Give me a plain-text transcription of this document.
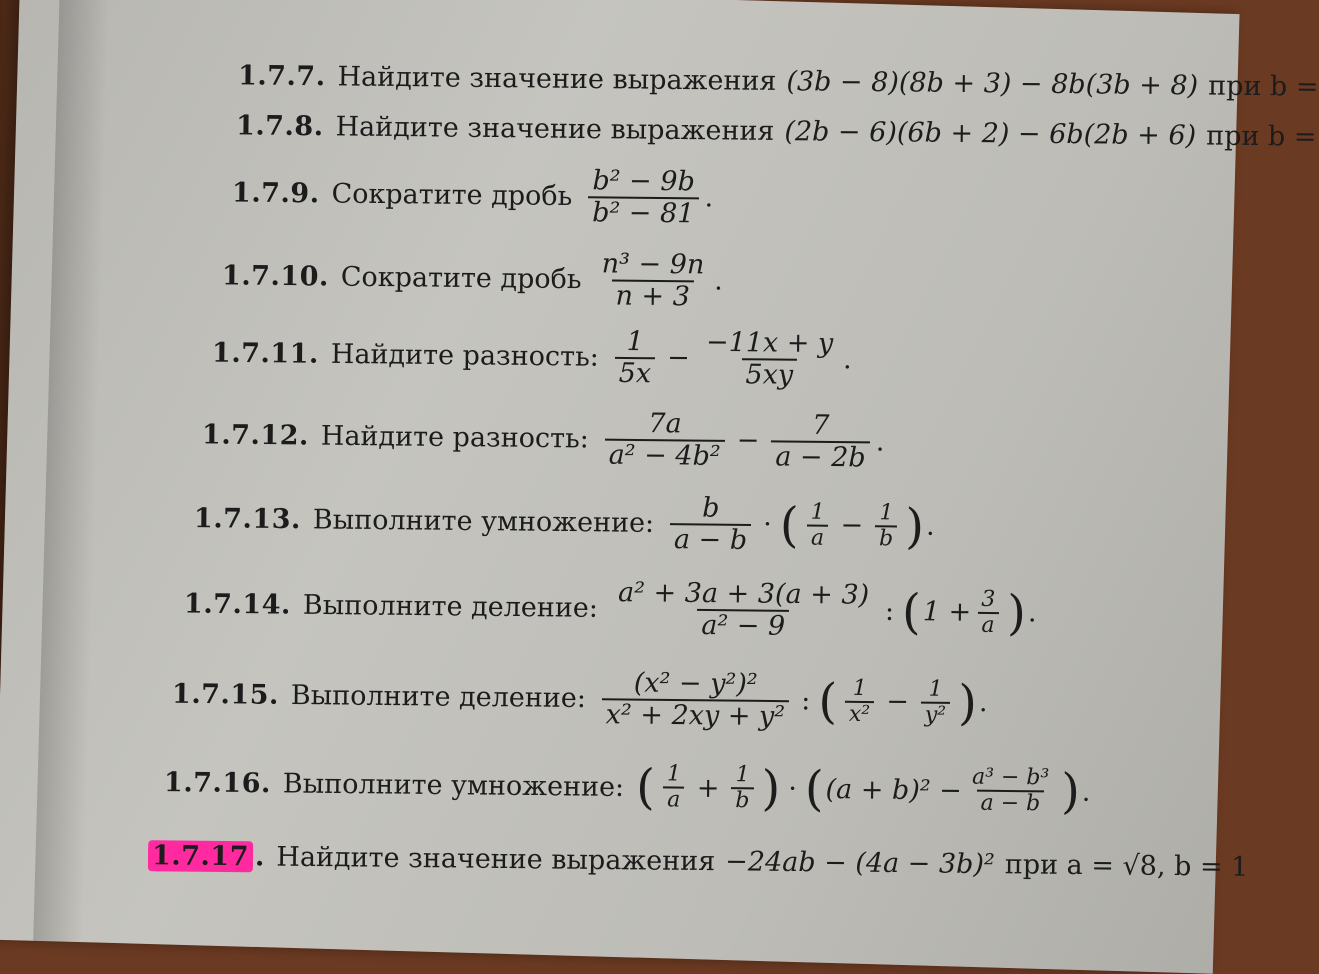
1.7.7. Найдите значение выражения (3b − 8)(8b + 3) − 8b(3b + 8) при b =
1.7.8. Найдите значение выражения (2b − 6)(6b + 2) − 6b(2b + 6) при b =
1.7.9. Сократите дробь $\frac{\text{b² − 9b}}{\text{b² − 81}}$ .
1.7.10. Сократите дробь $\frac{\text{n³ − 9n}}{n + 3}$ .
1.7.11. Найдите разность: $\frac{1}{5x} - \frac{-11x + y}{5xy}$ .
1.7.12. Найдите разность: $\frac{7a}{\text{a² − 4b²}} - \frac{7}{a - 2b}$ .
1.7.13. Выполните умножение: $\frac{b}{a - b}$ · ( $\frac{1}{a} - \frac{1}{b}$ ) .
1.7.14. Выполните деление: $\frac{\text{a² + 3a + 3(a + 3)}}{\text{a² − 9}}$ : ( $1 + \frac{3}{a}$ ) .
1.7.15. Выполните деление: $\frac{\text{(x² − y²)²}}{\text{x² + 2xy + y²}}$ : ( $\frac{1}{\text{x²}} - \frac{1}{\text{y²}}$ ) .
1.7.16. Выполните умножение: ( $\frac{1}{a} + \frac{1}{b}$ ) · ( $(a + b)^2 - \frac{\text{a³ − b³}}{a - b}$ ) .
1.7.17 . Найдите значение выражения −24ab − (4a − 3b)² при a = √8, b = 1
